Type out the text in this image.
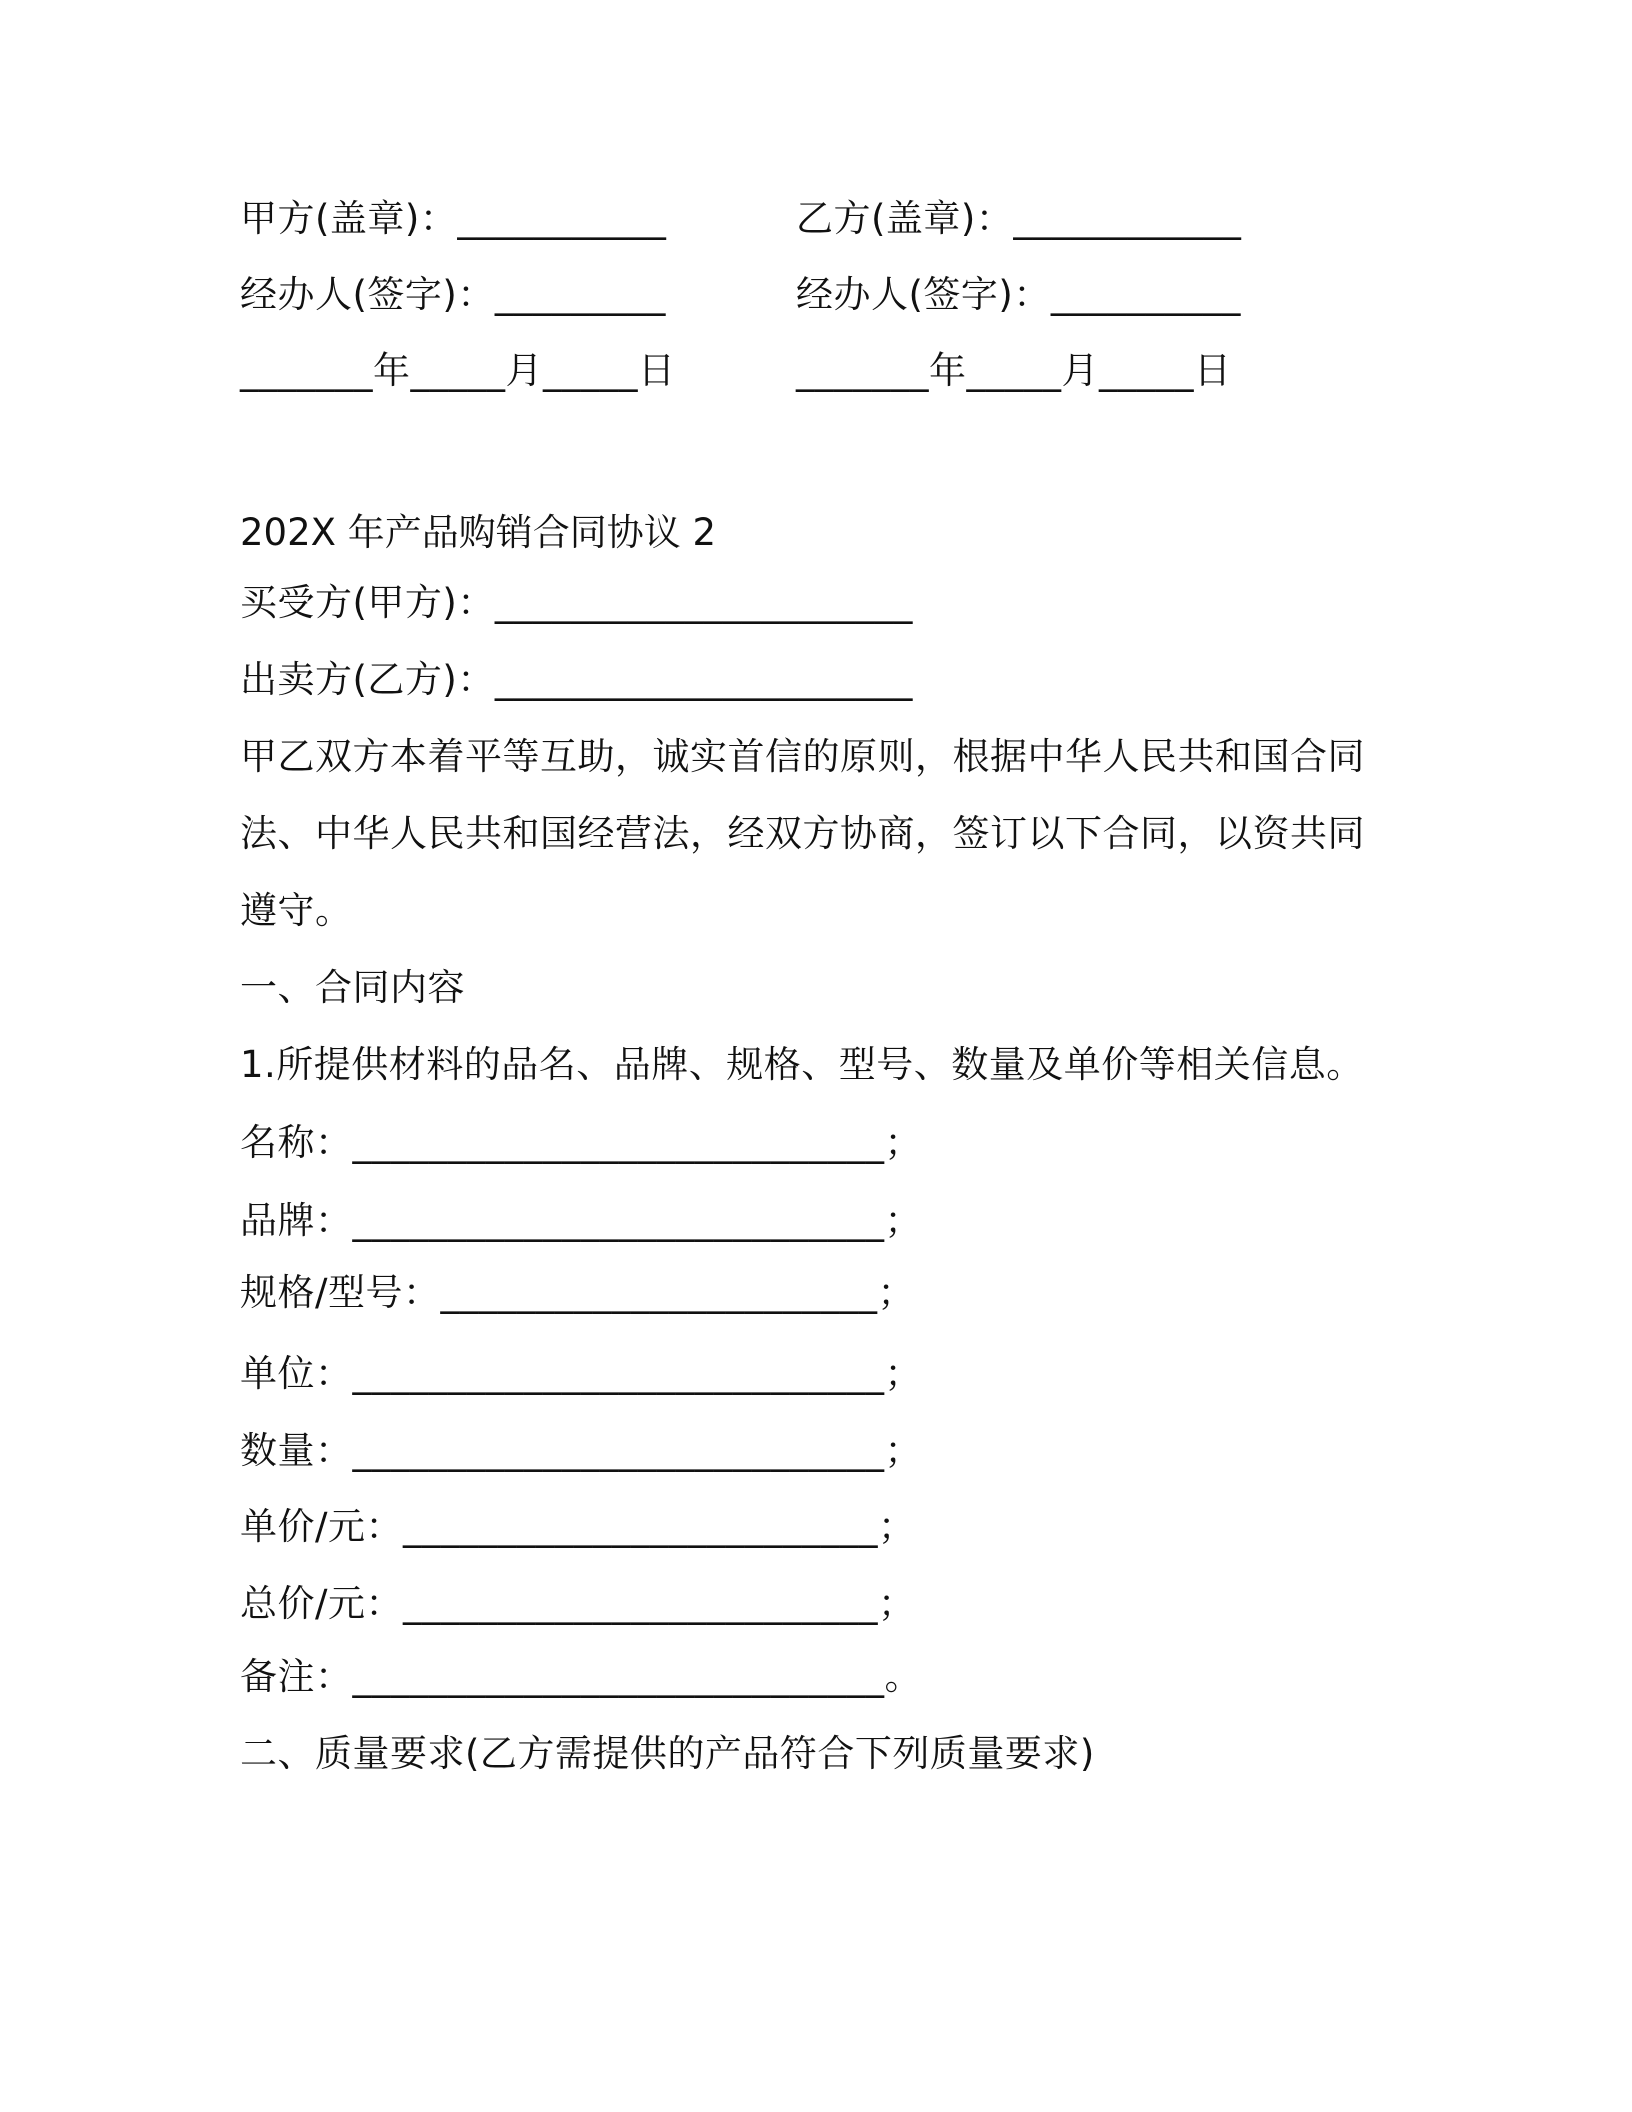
甲方(盖章)：___________	乙方(盖章)：____________
经办人(签字)：_________	经办人(签字)：__________
_______年_____月_____日	_______年_____月_____日
202X 年产品购销合同协议 2
买受方(甲方)：______________________
出卖方(乙方)：______________________
甲乙双方本着平等互助，诚实首信的原则，根据中华人民共和国合同
法、中华人民共和国经营法，经双方协商，签订以下合同，以资共同
遵守。
一、合同内容
1.所提供材料的品名、品牌、规格、型号、数量及单价等相关信息。
名称：____________________________；
品牌：____________________________；
规格/型号：_______________________；
单位：____________________________；
数量：____________________________；
单价/元：_________________________；
总价/元：_________________________；
备注：____________________________。
二、质量要求(乙方需提供的产品符合下列质量要求)
